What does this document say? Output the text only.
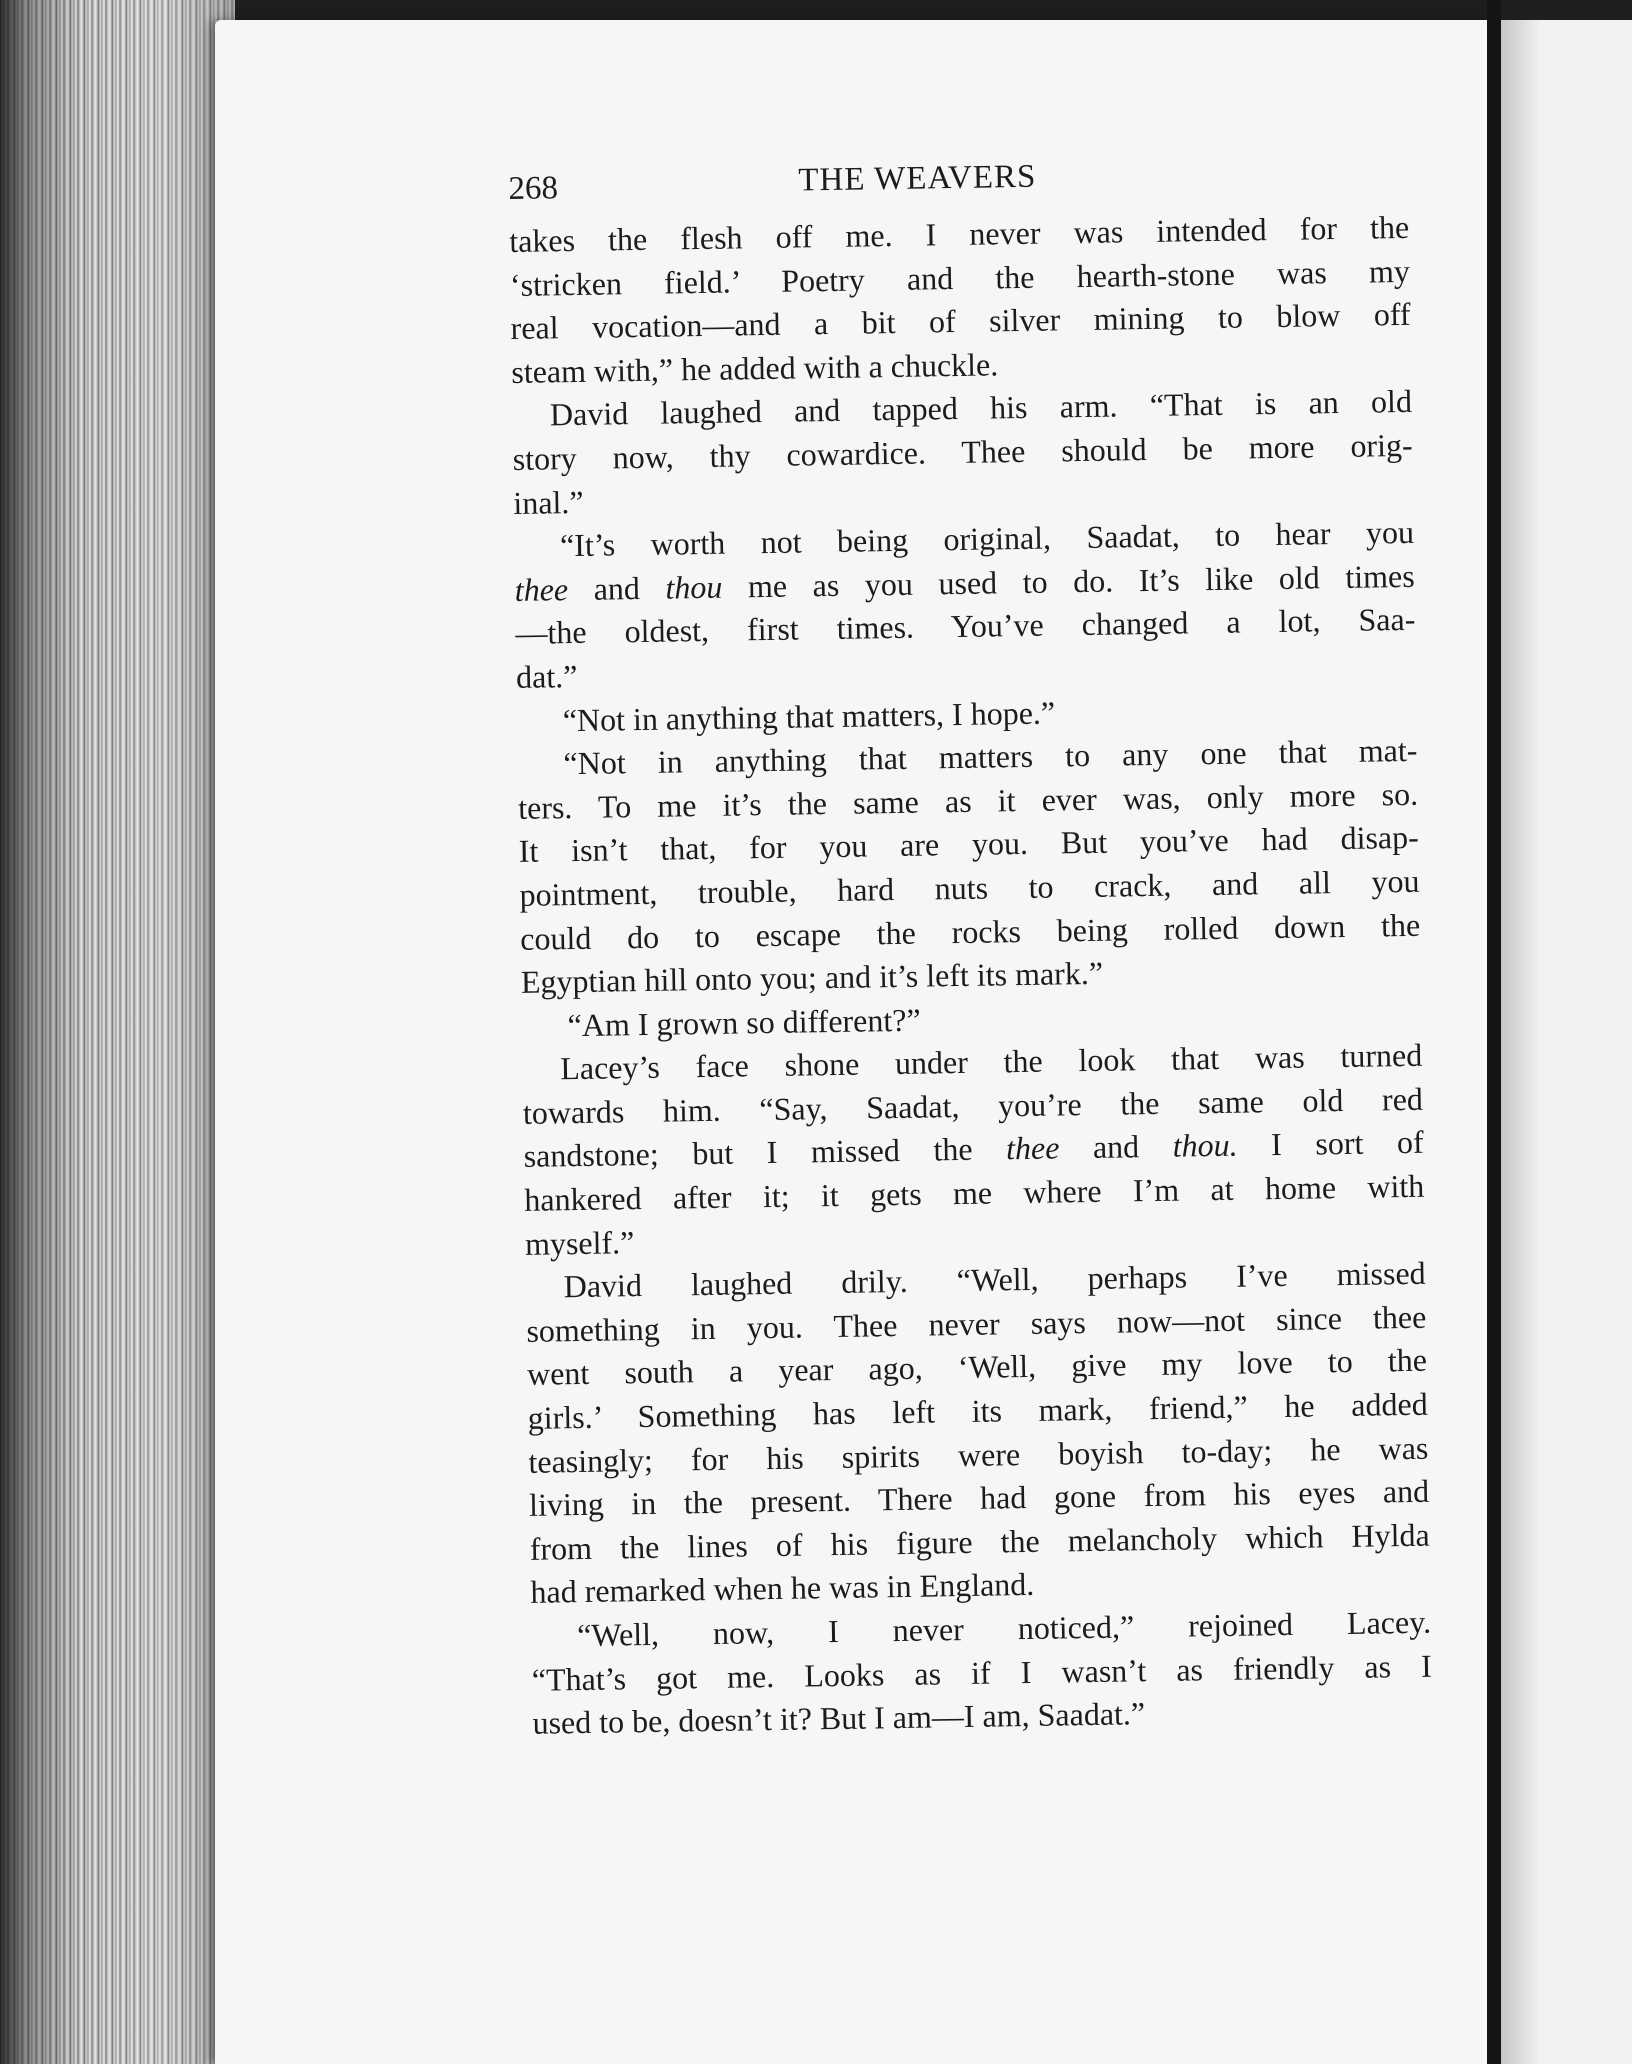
268	THE WEAVERS
takes the flesh off me. I never was intended for the
‘stricken field.’ Poetry and the hearth-stone was my
real vocation—and a bit of silver mining to blow off
steam with,” he added with a chuckle.
David laughed and tapped his arm. “That is an old
story now, thy cowardice. Thee should be more orig-
inal.”
“It’s worth not being original, Saadat, to hear you
thee and thou me as you used to do. It’s like old times
—the oldest, first times. You’ve changed a lot, Saa-
dat.”
“Not in anything that matters, I hope.”
“Not in anything that matters to any one that mat-
ters. To me it’s the same as it ever was, only more so.
It isn’t that, for you are you. But you’ve had disap-
pointment, trouble, hard nuts to crack, and all you
could do to escape the rocks being rolled down the
Egyptian hill onto you; and it’s left its mark.”
“Am I grown so different?”
Lacey’s face shone under the look that was turned
towards him. “Say, Saadat, you’re the same old red
sandstone; but I missed the thee and thou. I sort of
hankered after it; it gets me where I’m at home with
myself.”
David laughed drily. “Well, perhaps I’ve missed
something in you. Thee never says now—not since thee
went south a year ago, ‘Well, give my love to the
girls.’ Something has left its mark, friend,” he added
teasingly; for his spirits were boyish to-day; he was
living in the present. There had gone from his eyes and
from the lines of his figure the melancholy which Hylda
had remarked when he was in England.
“Well, now, I never noticed,” rejoined Lacey.
“That’s got me. Looks as if I wasn’t as friendly as I
used to be, doesn’t it? But I am—I am, Saadat.”
